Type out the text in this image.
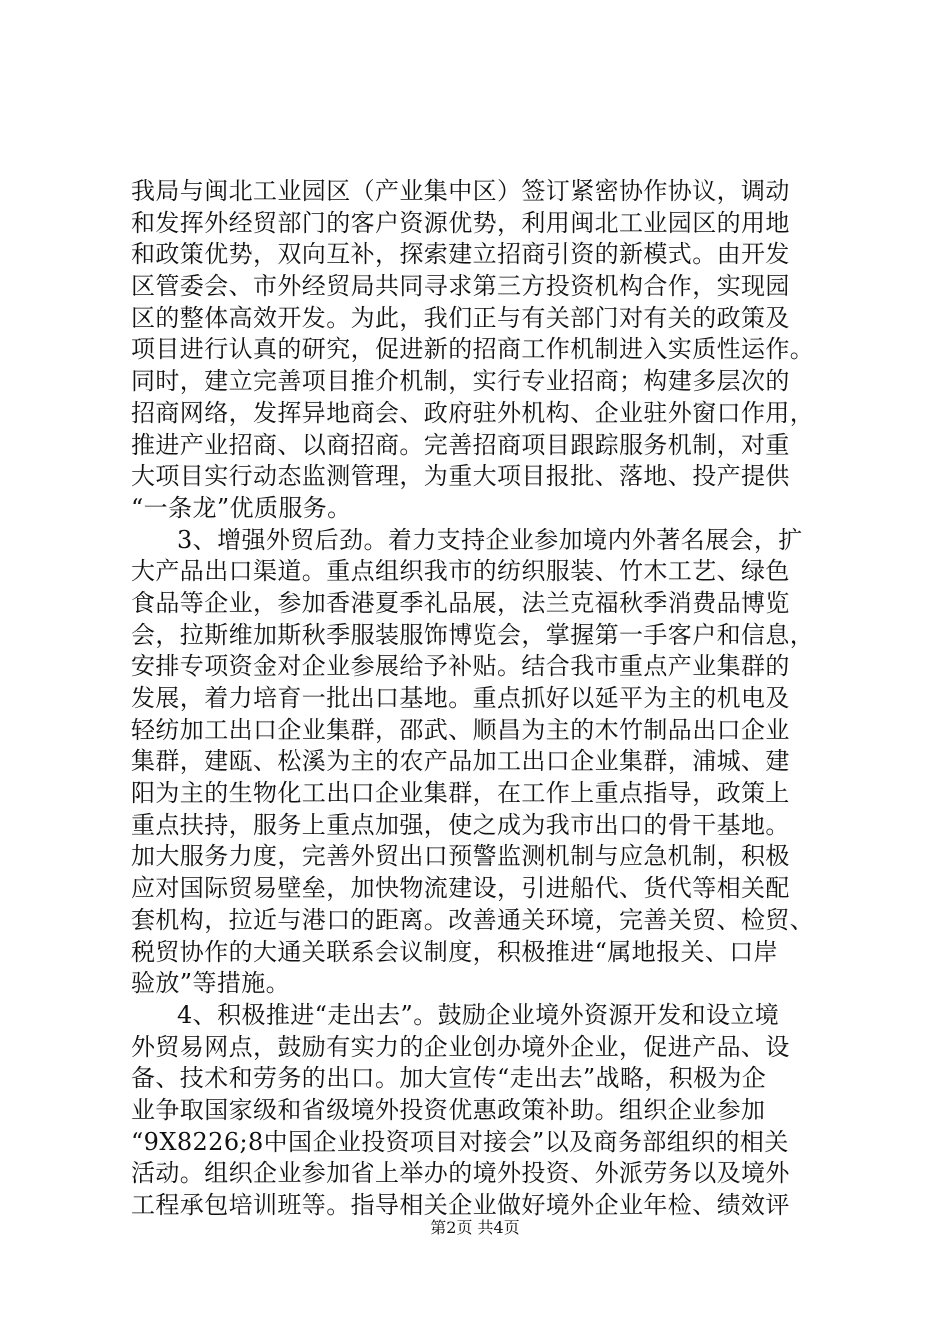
我局与闽北工业园区（产业集中区）签订紧密协作协议，调动
和发挥外经贸部门的客户资源优势，利用闽北工业园区的用地
和政策优势，双向互补，探索建立招商引资的新模式。由开发
区管委会、市外经贸局共同寻求第三方投资机构合作，实现园
区的整体高效开发。为此，我们正与有关部门对有关的政策及
项目进行认真的研究，促进新的招商工作机制进入实质性运作。
同时，建立完善项目推介机制，实行专业招商；构建多层次的
招商网络，发挥异地商会、政府驻外机构、企业驻外窗口作用，
推进产业招商、以商招商。完善招商项目跟踪服务机制，对重
大项目实行动态监测管理，为重大项目报批、落地、投产提供
“一条龙”优质服务。
3、增强外贸后劲。着力支持企业参加境内外著名展会，扩
大产品出口渠道。重点组织我市的纺织服装、竹木工艺、绿色
食品等企业，参加香港夏季礼品展，法兰克福秋季消费品博览
会，拉斯维加斯秋季服装服饰博览会，掌握第一手客户和信息，
安排专项资金对企业参展给予补贴。结合我市重点产业集群的
发展，着力培育一批出口基地。重点抓好以延平为主的机电及
轻纺加工出口企业集群，邵武、顺昌为主的木竹制品出口企业
集群，建瓯、松溪为主的农产品加工出口企业集群，浦城、建
阳为主的生物化工出口企业集群，在工作上重点指导，政策上
重点扶持，服务上重点加强，使之成为我市出口的骨干基地。
加大服务力度，完善外贸出口预警监测机制与应急机制，积极
应对国际贸易壁垒，加快物流建设，引进船代、货代等相关配
套机构，拉近与港口的距离。改善通关环境，完善关贸、检贸、
税贸协作的大通关联系会议制度，积极推进“属地报关、口岸
验放”等措施。
4、积极推进“走出去”。鼓励企业境外资源开发和设立境
外贸易网点，鼓励有实力的企业创办境外企业，促进产品、设
备、技术和劳务的出口。加大宣传“走出去”战略，积极为企
业争取国家级和省级境外投资优惠政策补助。组织企业参加
“9X8226;8中国企业投资项目对接会”以及商务部组织的相关
活动。组织企业参加省上举办的境外投资、外派劳务以及境外
工程承包培训班等。指导相关企业做好境外企业年检、绩效评
第2页 共4页
